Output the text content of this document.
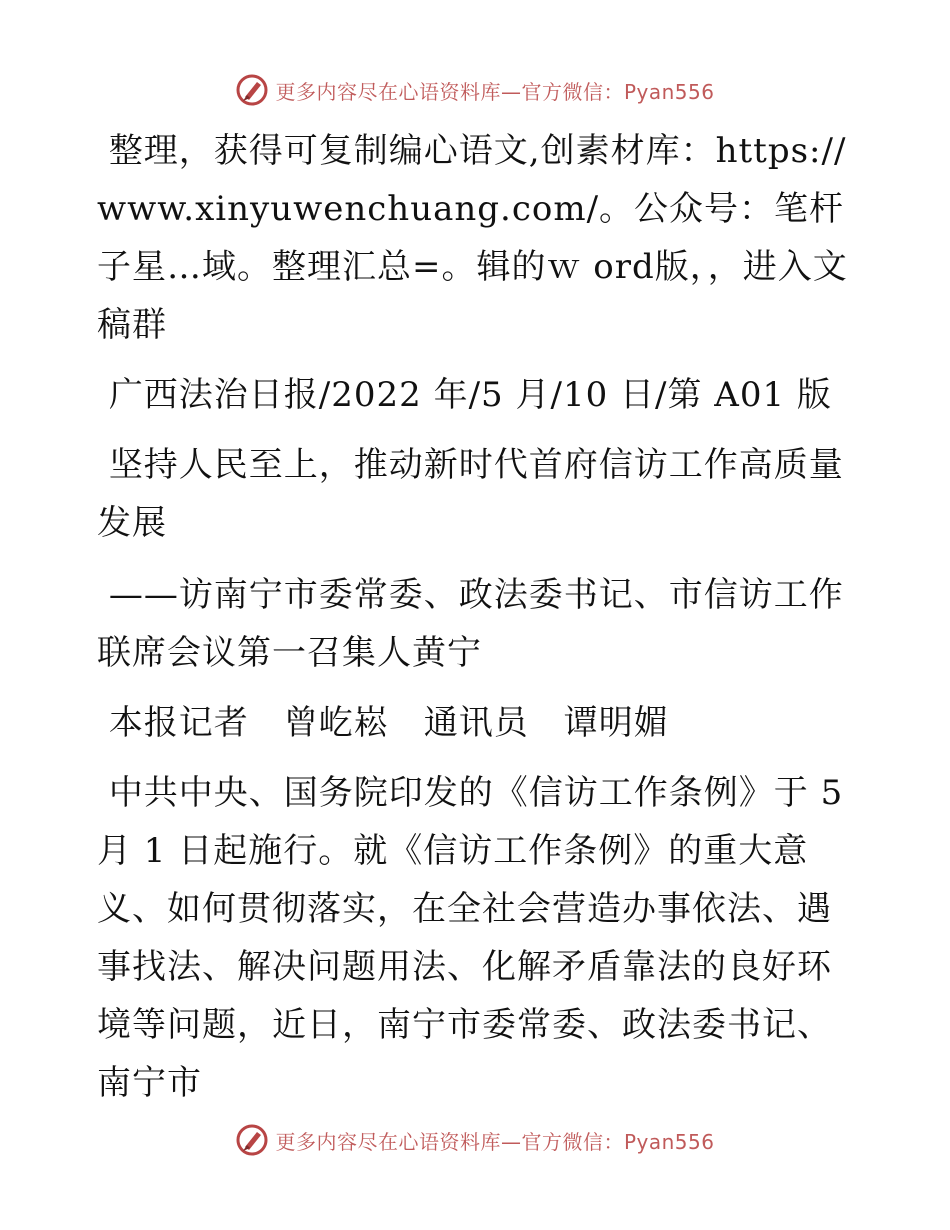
更多内容尽在心语资料库—官方微信：Pyan556

整理，获得可复制编心语文,创素材库：https://www.xinyuwenchuang.com/。公众号：笔杆子星…域。整理汇总=。辑的ｗ ord版，，进入文稿群

广西法治日报/2022 年/5 月/10 日/第 A01 版

坚持人民至上，推动新时代首府信访工作高质量发展

——访南宁市委常委、政法委书记、市信访工作联席会议第一召集人黄宁

本报记者　曾屹崧　通讯员　谭明媚

中共中央、国务院印发的《信访工作条例》于 5 月 1 日起施行。就《信访工作条例》的重大意义、如何贯彻落实，在全社会营造办事依法、遇事找法、解决问题用法、化解矛盾靠法的良好环境等问题，近日，南宁市委常委、政法委书记、南宁市

更多内容尽在心语资料库—官方微信：Pyan556
